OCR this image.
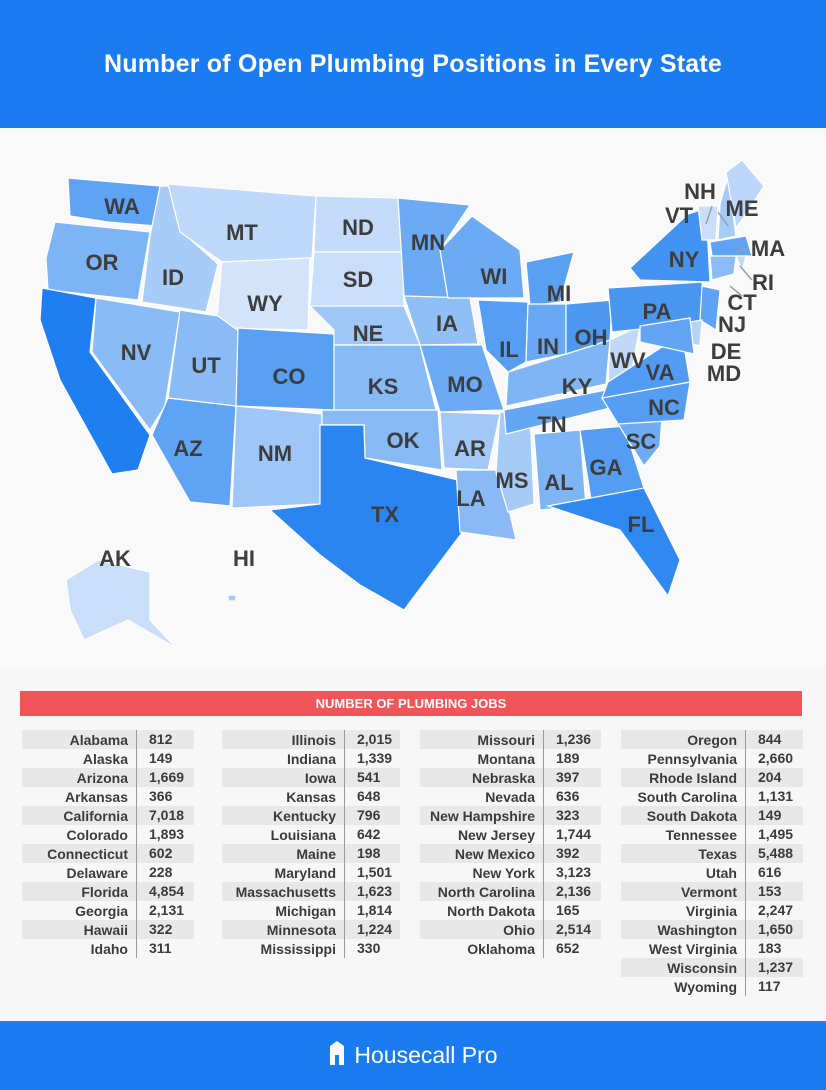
Number of Open Plumbing Positions in Every State
WA
OR
NV
ID
MT
WY
UT
AZ	NM
CO
ND
SD
NE
KS
OK
TX
MN
IA
MO
AR
LA
WI
IL
MS
MI
IN
KY
TN
AL
OH
WV
GA
FL
SC
NC
VA
PA
NY
VT
NH
ME
MA
RI
CT
NJ
DE
MD
AK	HI
NUMBER OF PLUMBING JOBS
Alabama	812
Alaska	149
Arizona	1,669
Arkansas	366
California	7,018
Colorado	1,893
Connecticut	602
Delaware	228
Florida	4,854
Georgia	2,131
Hawaii	322
Idaho	311
Illinois	2,015
Indiana	1,339
Iowa	541
Kansas	648
Kentucky	796
Louisiana	642
Maine	198
Maryland	1,501
Massachusetts	1,623
Michigan	1,814
Minnesota	1,224
Mississippi	330
Missouri	1,236
Montana	189
Nebraska	397
Nevada	636
New Hampshire	323
New Jersey	1,744
New Mexico	392
New York	3,123
North Carolina	2,136
North Dakota	165
Ohio	2,514
Oklahoma	652
Oregon	844
Pennsylvania	2,660
Rhode Island	204
South Carolina	1,131
South Dakota	149
Tennessee	1,495
Texas	5,488
Utah	616
Vermont	153
Virginia	2,247
Washington	1,650
West Virginia	183
Wisconsin	1,237
Wyoming	117
Housecall Pro
